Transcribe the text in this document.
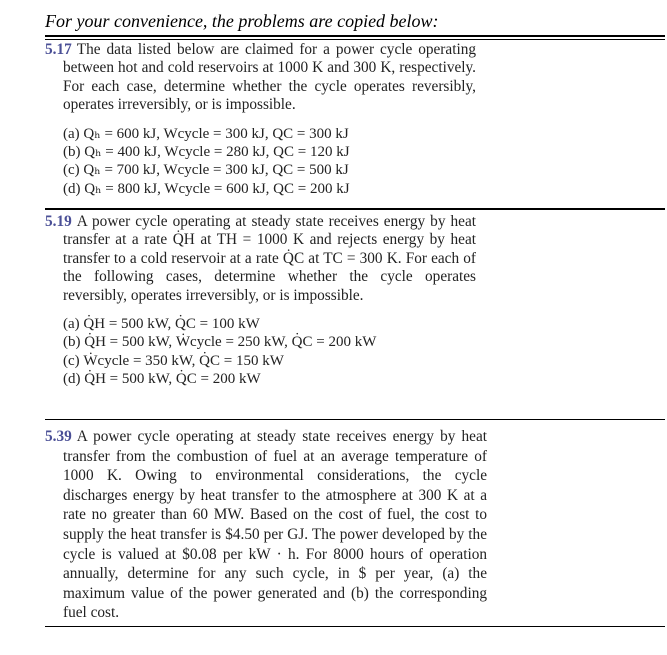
For your convenience, the problems are copied below:
5.17 The data listed below are claimed for a power cycle operating between hot and cold reservoirs at 1000 K and 300 K, respectively. For each case, determine whether the cycle operates reversibly, operates irreversibly, or is impossible.
(a) Qₕ = 600 kJ, Wcycle = 300 kJ, QC = 300 kJ
(b) Qₕ = 400 kJ, Wcycle = 280 kJ, QC = 120 kJ
(c) Qₕ = 700 kJ, Wcycle = 300 kJ, QC = 500 kJ
(d) Qₕ = 800 kJ, Wcycle = 600 kJ, QC = 200 kJ
5.19 A power cycle operating at steady state receives energy by heat transfer at a rate Q̇H at TH = 1000 K and rejects energy by heat transfer to a cold reservoir at a rate Q̇C at TC = 300 K. For each of the following cases, determine whether the cycle operates reversibly, operates irreversibly, or is impossible.
(a) Q̇H = 500 kW, Q̇C = 100 kW
(b) Q̇H = 500 kW, Ẇcycle = 250 kW, Q̇C = 200 kW
(c) Ẇcycle = 350 kW, Q̇C = 150 kW
(d) Q̇H = 500 kW, Q̇C = 200 kW
5.39 A power cycle operating at steady state receives energy by heat transfer from the combustion of fuel at an average temperature of 1000 K. Owing to environmental considerations, the cycle discharges energy by heat transfer to the atmosphere at 300 K at a rate no greater than 60 MW. Based on the cost of fuel, the cost to supply the heat transfer is $4.50 per GJ. The power developed by the cycle is valued at $0.08 per kW · h. For 8000 hours of operation annually, determine for any such cycle, in $ per year, (a) the maximum value of the power generated and (b) the corresponding fuel cost.
